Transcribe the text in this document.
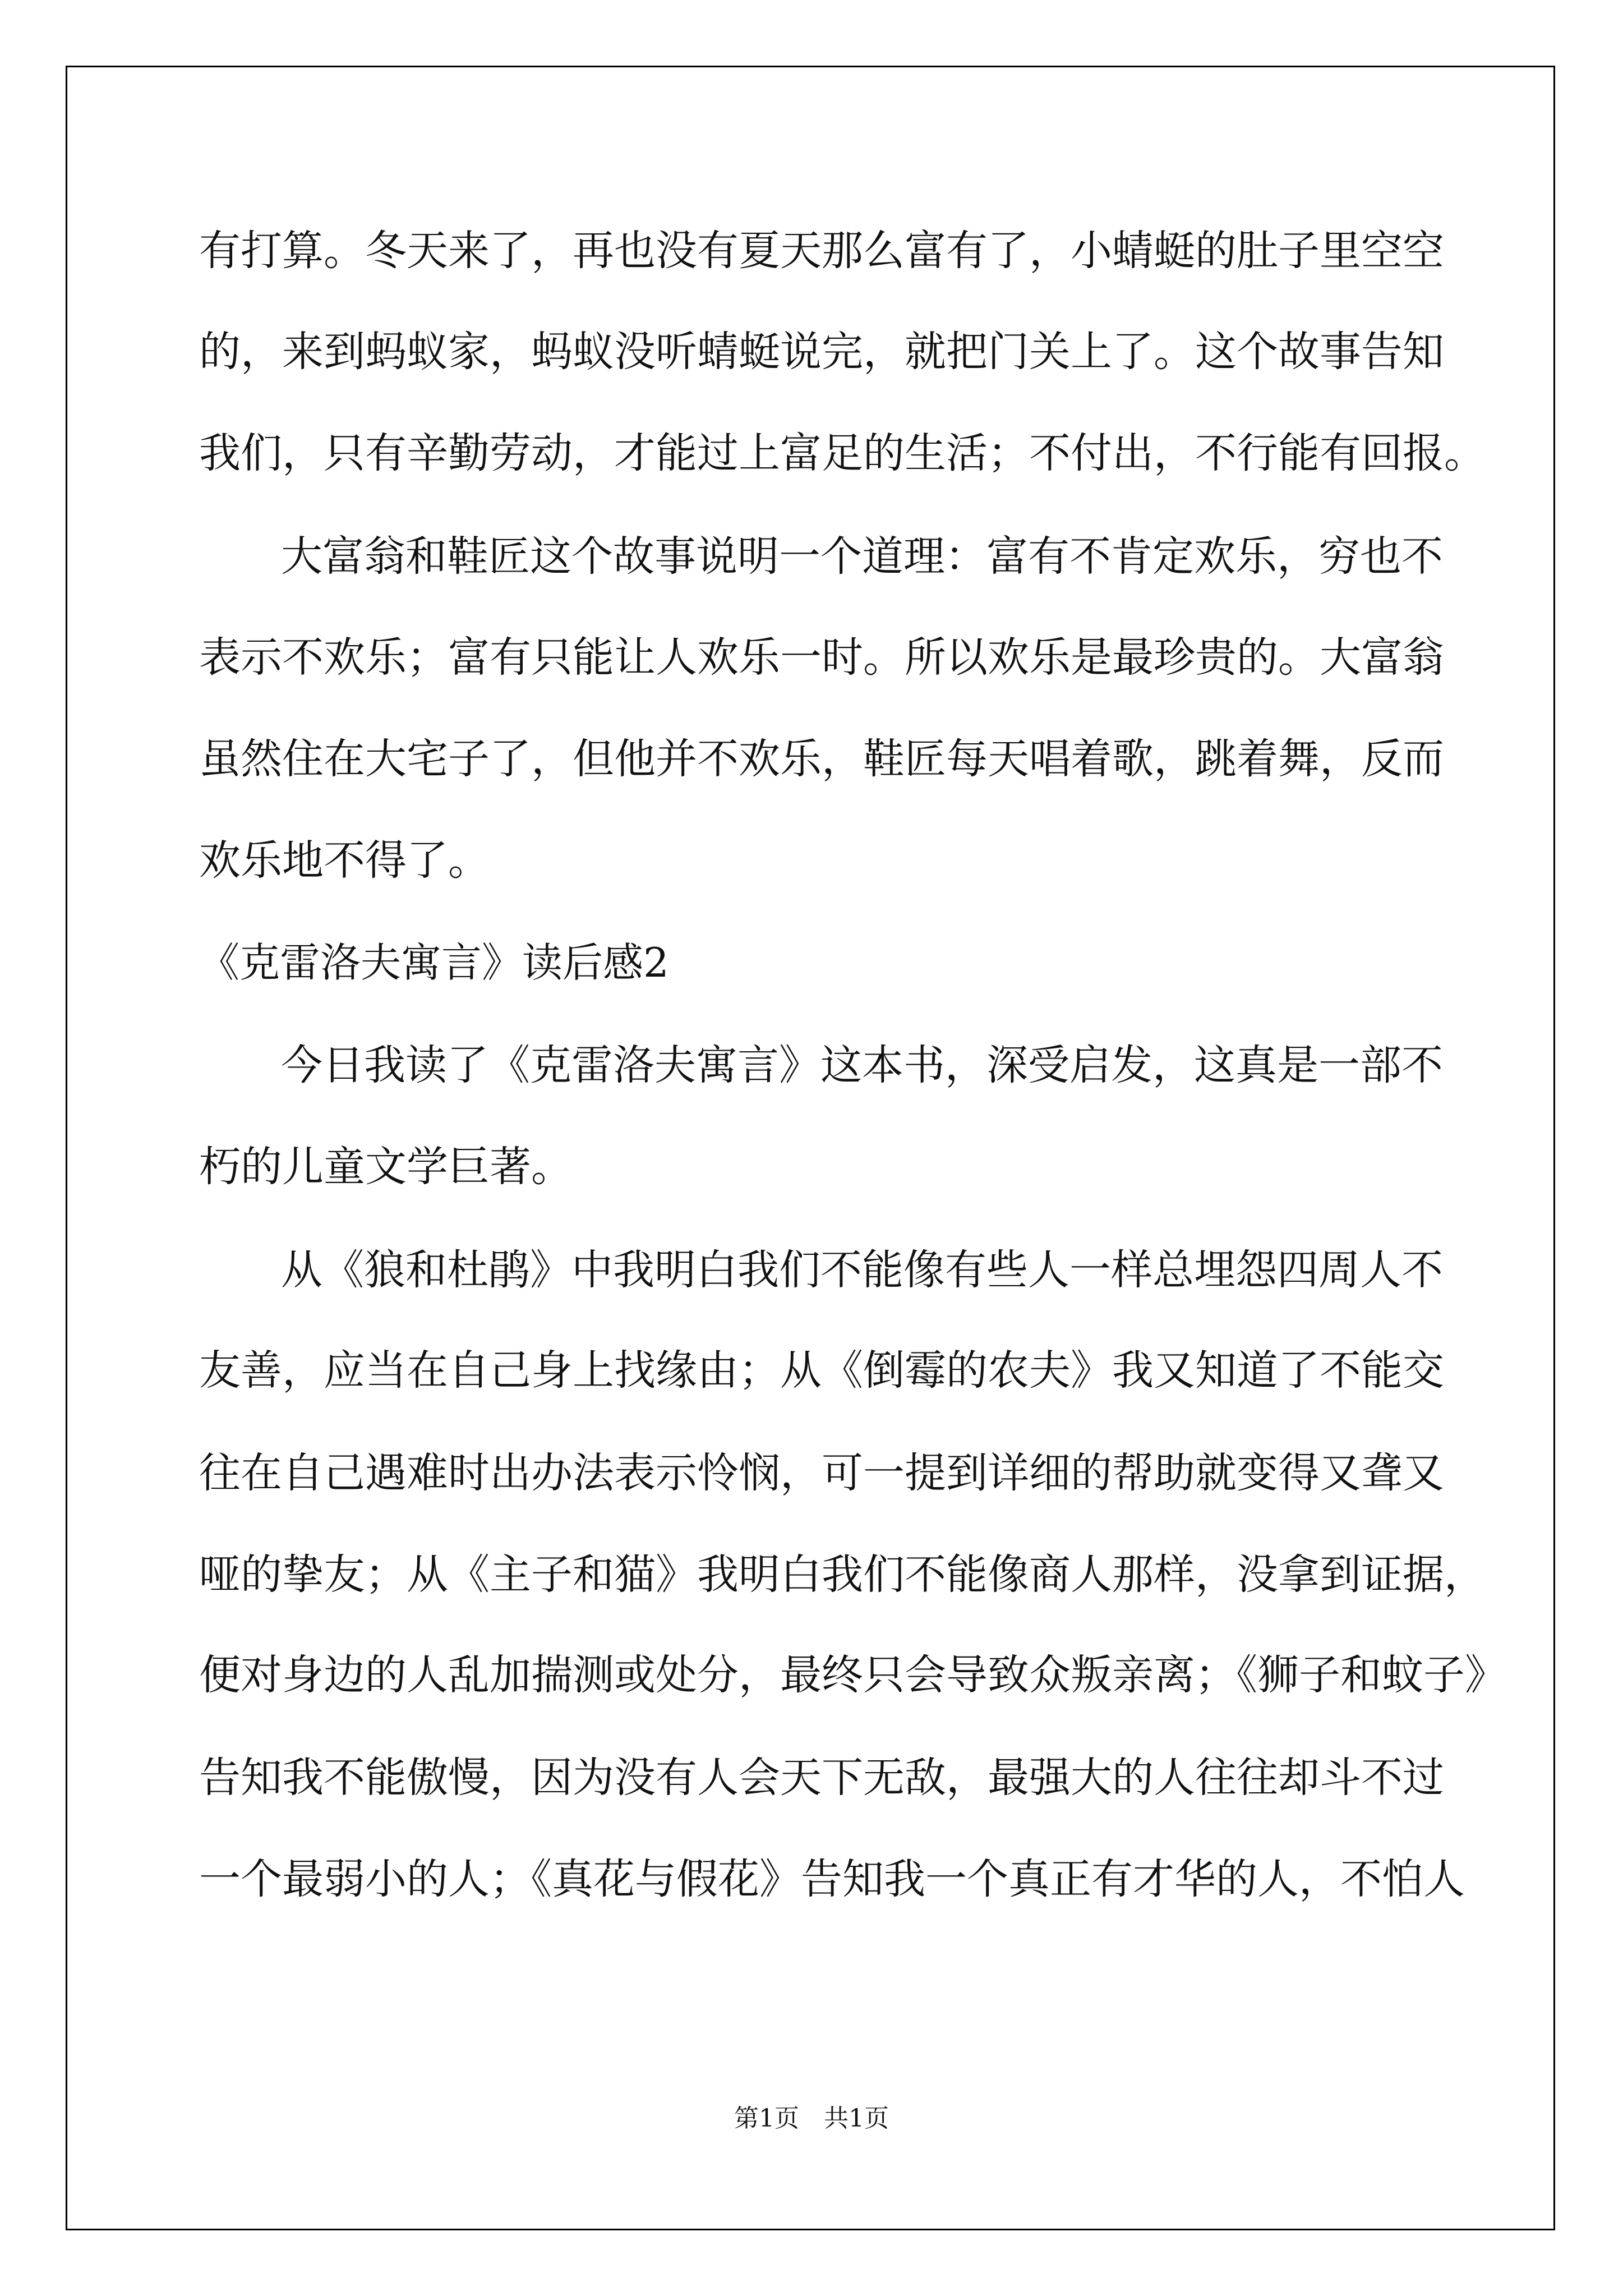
有打算。冬天来了，再也没有夏天那么富有了，小蜻蜓的肚子里空空
的，来到蚂蚁家，蚂蚁没听蜻蜓说完，就把门关上了。这个故事告知
我们，只有辛勤劳动，才能过上富足的生活；不付出，不行能有回报。
大富翁和鞋匠这个故事说明一个道理：富有不肯定欢乐，穷也不
表示不欢乐；富有只能让人欢乐一时。所以欢乐是最珍贵的。大富翁
虽然住在大宅子了，但他并不欢乐，鞋匠每天唱着歌，跳着舞，反而
欢乐地不得了。
《克雷洛夫寓言》读后感2
今日我读了《克雷洛夫寓言》这本书，深受启发，这真是一部不
朽的儿童文学巨著。
从《狼和杜鹃》中我明白我们不能像有些人一样总埋怨四周人不
友善，应当在自己身上找缘由；从《倒霉的农夫》我又知道了不能交
往在自己遇难时出办法表示怜悯，可一提到详细的帮助就变得又聋又
哑的挚友；从《主子和猫》我明白我们不能像商人那样，没拿到证据，
便对身边的人乱加揣测或处分，最终只会导致众叛亲离；《狮子和蚊子》
告知我不能傲慢，因为没有人会天下无敌，最强大的人往往却斗不过
一个最弱小的人；《真花与假花》告知我一个真正有才华的人，不怕人
第1页　共1页
